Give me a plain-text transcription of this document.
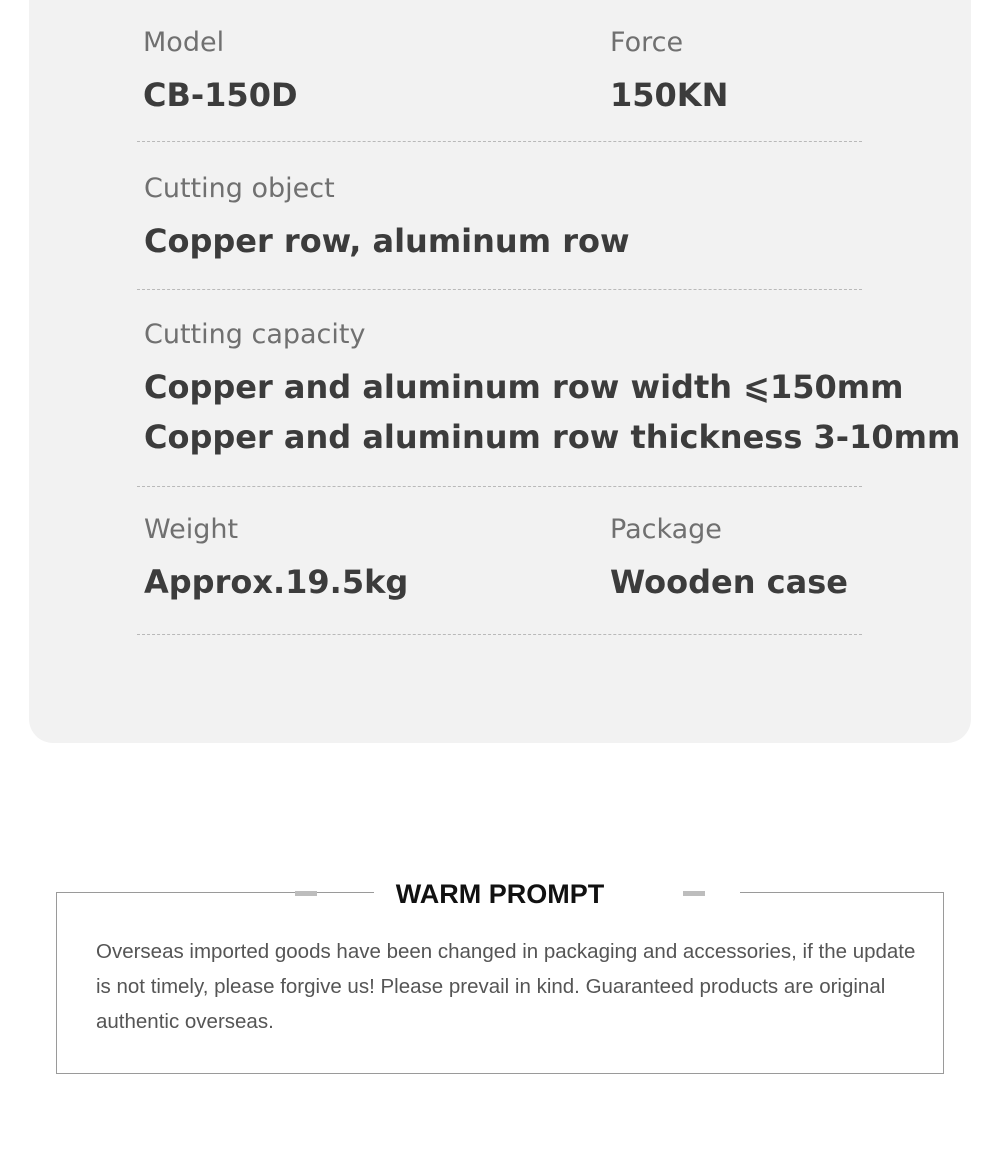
Model
CB-150D
Force
150KN
Cutting object
Copper row, aluminum row
Cutting capacity
Copper and aluminum row width ⩽150mm
Copper and aluminum row thickness 3-10mm
Weight
Approx.19.5kg
Package
Wooden case
WARM PROMPT

Overseas imported goods have been changed in packaging and accessories, if the update is not timely, please forgive us! Please prevail in kind. Guaranteed products are original authentic overseas.
